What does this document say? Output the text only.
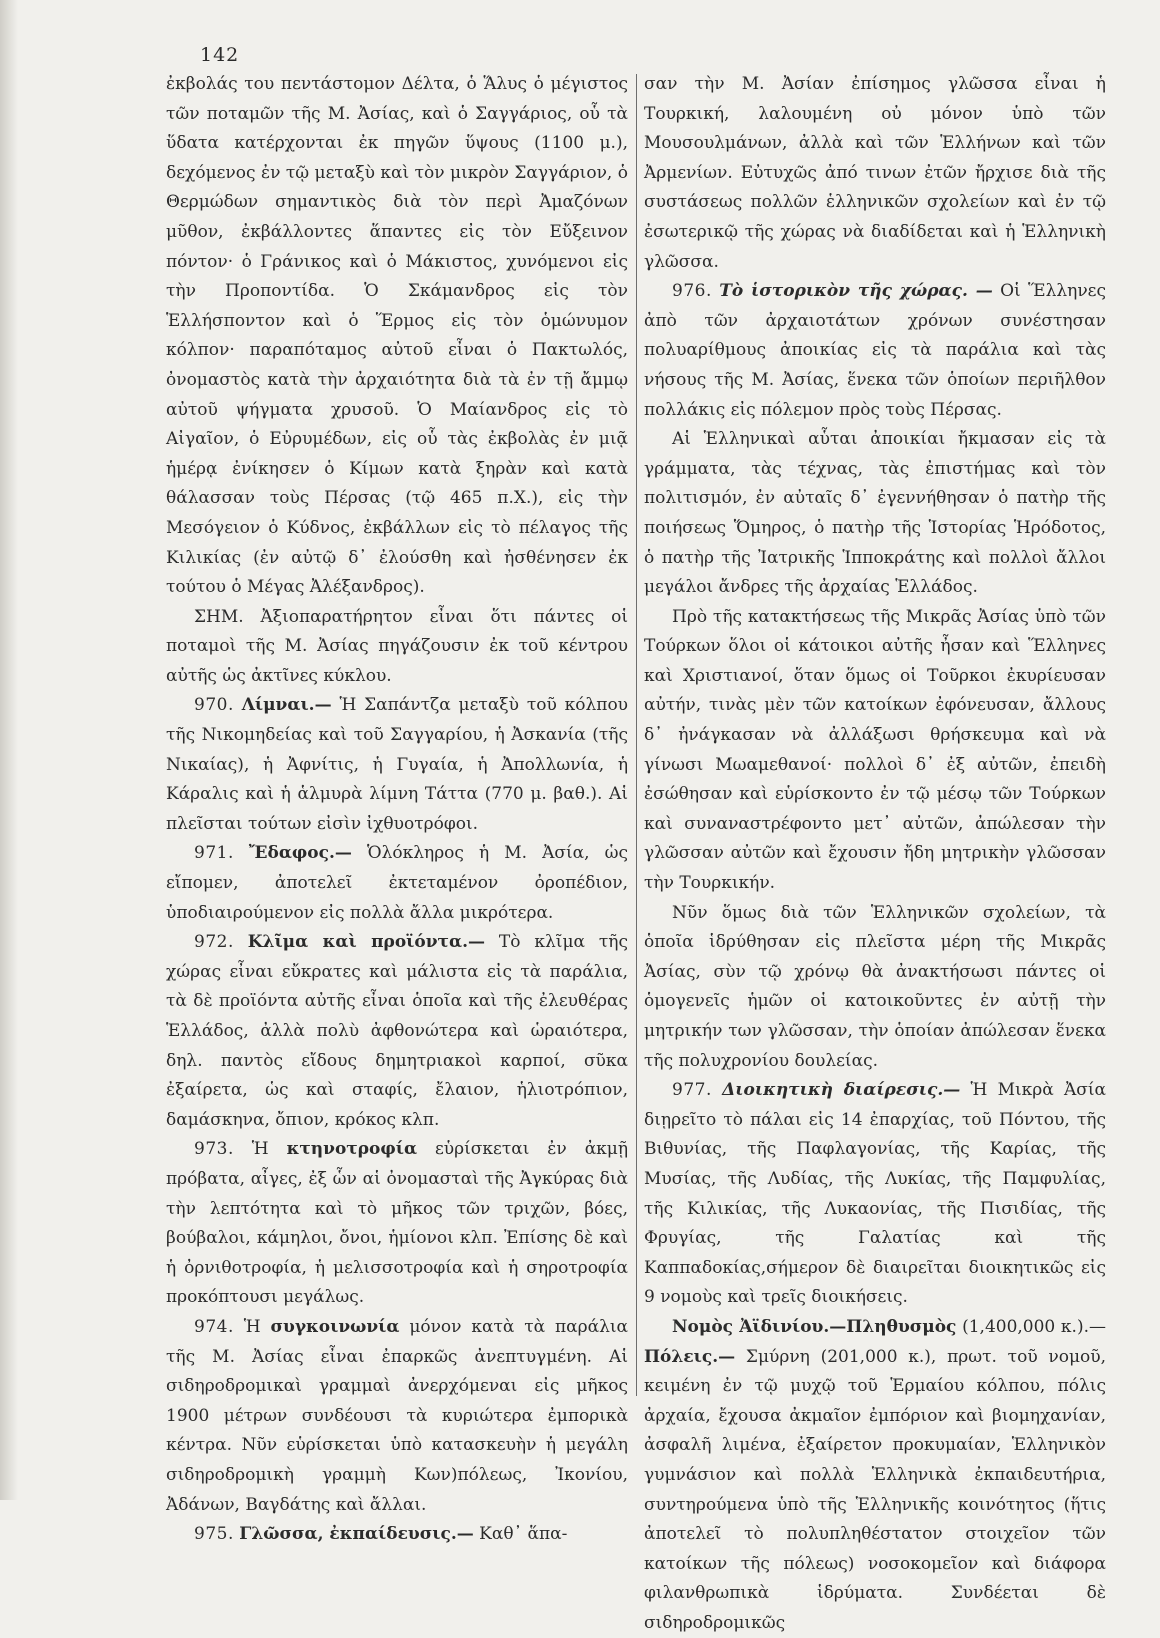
142

ἐκβολάς του πεντάστομον Δέλτα, ὁ Ἅλυς ὁ μέγιστος τῶν ποταμῶν τῆς Μ. Ἀσίας, καὶ ὁ Σαγγάριος, οὗ τὰ ὕδατα κατέρχονται ἐκ πηγῶν ὕψους (1100 μ.), δεχόμενος ἐν τῷ μεταξὺ καὶ τὸν μικρὸν Σαγγάριον, ὁ Θερμώδων σημαντικὸς διὰ τὸν περὶ Ἀμαζόνων μῦθον, ἐκβάλλοντες ἅπαντες εἰς τὸν Εὔξεινον πόντον· ὁ Γράνικος καὶ ὁ Μάκιστος, χυνόμενοι εἰς τὴν Προποντίδα. Ὁ Σκάμανδρος εἰς τὸν Ἑλλήσποντον καὶ ὁ Ἕρμος εἰς τὸν ὁμώνυμον κόλπον· παραπόταμος αὐτοῦ εἶναι ὁ Πακτωλός, ὀνομαστὸς κατὰ τὴν ἀρχαιότητα διὰ τὰ ἐν τῇ ἄμμῳ αὐτοῦ ψήγματα χρυσοῦ. Ὁ Μαίανδρος εἰς τὸ Αἰγαῖον, ὁ Εὐρυμέδων, εἰς οὗ τὰς ἐκβολὰς ἐν μιᾷ ἡμέρᾳ ἐνίκησεν ὁ Κίμων κατὰ ξηρὰν καὶ κατὰ θάλασσαν τοὺς Πέρσας (τῷ 465 π.Χ.), εἰς τὴν Μεσόγειον ὁ Κύδνος, ἐκβάλλων εἰς τὸ πέλαγος τῆς Κιλικίας (ἐν αὐτῷ δ᾽ ἐλούσθη καὶ ἠσθένησεν ἐκ τούτου ὁ Μέγας Ἀλέξανδρος).

ΣΗΜ. Ἀξιοπαρατήρητον εἶναι ὅτι πάντες οἱ ποταμοὶ τῆς Μ. Ἀσίας πηγάζουσιν ἐκ τοῦ κέντρου αὐτῆς ὡς ἀκτῖνες κύκλου.

970. Λίμναι.— Ἡ Σαπάντζα μεταξὺ τοῦ κόλπου τῆς Νικομηδείας καὶ τοῦ Σαγγαρίου, ἡ Ἀσκανία (τῆς Νικαίας), ἡ Ἀφνίτις, ἡ Γυγαία, ἡ Ἀπολλωνία, ἡ Κάραλις καὶ ἡ ἁλμυρὰ λίμνη Τάττα (770 μ. βαθ.). Αἱ πλεῖσται τούτων εἰσὶν ἰχθυοτρόφοι.

971. Ἔδαφος.— Ὁλόκληρος ἡ Μ. Ἀσία, ὡς εἴπομεν, ἀποτελεῖ ἐκτεταμένον ὀροπέδιον, ὑποδιαιρούμενον εἰς πολλὰ ἄλλα μικρότερα.

972. Κλῖμα καὶ προϊόντα.— Τὸ κλῖμα τῆς χώρας εἶναι εὔκρατες καὶ μάλιστα εἰς τὰ παράλια, τὰ δὲ προϊόντα αὐτῆς εἶναι ὁποῖα καὶ τῆς ἐλευθέρας Ἑλλάδος, ἀλλὰ πολὺ ἀφθονώτερα καὶ ὡραιότερα, δηλ. παντὸς εἴδους δημητριακοὶ καρποί, σῦκα ἐξαίρετα, ὡς καὶ σταφίς, ἔλαιον, ἡλιοτρόπιον, δαμάσκηνα, ὄπιον, κρόκος κλπ.

973. Ἡ κτηνοτροφία εὑρίσκεται ἐν ἀκμῇ πρόβατα, αἶγες, ἐξ ὧν αἱ ὀνομασταὶ τῆς Ἀγκύρας διὰ τὴν λεπτότητα καὶ τὸ μῆκος τῶν τριχῶν, βόες, βούβαλοι, κάμηλοι, ὄνοι, ἡμίονοι κλπ. Ἐπίσης δὲ καὶ ἡ ὀρνιθοτροφία, ἡ μελισσοτροφία καὶ ἡ σηροτροφία προκόπτουσι μεγάλως.

974. Ἡ συγκοινωνία μόνον κατὰ τὰ παράλια τῆς Μ. Ἀσίας εἶναι ἐπαρκῶς ἀνεπτυγμένη. Αἱ σιδηροδρομικαὶ γραμμαὶ ἀνερχόμεναι εἰς μῆκος 1900 μέτρων συνδέουσι τὰ κυριώτερα ἐμπορικὰ κέντρα. Νῦν εὑρίσκεται ὑπὸ κατασκευὴν ἡ μεγάλη σιδηροδρομικὴ γραμμὴ Κων)πόλεως, Ἰκονίου, Ἀδάνων, Βαγδάτης καὶ ἄλλαι.

975. Γλῶσσα, ἐκπαίδευσις.— Καθ᾽ ἅπα-

σαν τὴν Μ. Ἀσίαν ἐπίσημος γλῶσσα εἶναι ἡ Τουρκική, λαλουμένη οὐ μόνον ὑπὸ τῶν Μουσουλμάνων, ἀλλὰ καὶ τῶν Ἑλλήνων καὶ τῶν Ἀρμενίων. Εὐτυχῶς ἀπό τινων ἐτῶν ἤρχισε διὰ τῆς συστάσεως πολλῶν ἑλληνικῶν σχολείων καὶ ἐν τῷ ἐσωτερικῷ τῆς χώρας νὰ διαδίδεται καὶ ἡ Ἑλληνικὴ γλῶσσα.

976. Τὸ ἱστορικὸν τῆς χώρας. — Οἱ Ἕλληνες ἀπὸ τῶν ἀρχαιοτάτων χρόνων συνέστησαν πολυαρίθμους ἀποικίας εἰς τὰ παράλια καὶ τὰς νήσους τῆς Μ. Ἀσίας, ἕνεκα τῶν ὁποίων περιῆλθον πολλάκις εἰς πόλεμον πρὸς τοὺς Πέρσας.

Αἱ Ἑλληνικαὶ αὗται ἀποικίαι ἤκμασαν εἰς τὰ γράμματα, τὰς τέχνας, τὰς ἐπιστήμας καὶ τὸν πολιτισμόν, ἐν αὐταῖς δ᾽ ἐγεννήθησαν ὁ πατὴρ τῆς ποιήσεως Ὅμηρος, ὁ πατὴρ τῆς Ἱστορίας Ἡρόδοτος, ὁ πατὴρ τῆς Ἰατρικῆς Ἱπποκράτης καὶ πολλοὶ ἄλλοι μεγάλοι ἄνδρες τῆς ἀρχαίας Ἑλλάδος.

Πρὸ τῆς κατακτήσεως τῆς Μικρᾶς Ἀσίας ὑπὸ τῶν Τούρκων ὅλοι οἱ κάτοικοι αὐτῆς ἦσαν καὶ Ἕλληνες καὶ Χριστιανοί, ὅταν ὅμως οἱ Τοῦρκοι ἐκυρίευσαν αὐτήν, τινὰς μὲν τῶν κατοίκων ἐφόνευσαν, ἄλλους δ᾽ ἠνάγκασαν νὰ ἀλλάξωσι θρήσκευμα καὶ νὰ γίνωσι Μωαμεθανοί· πολλοὶ δ᾽ ἐξ αὐτῶν, ἐπειδὴ ἐσώθησαν καὶ εὑρίσκοντο ἐν τῷ μέσῳ τῶν Τούρκων καὶ συναναστρέφοντο μετ᾽ αὐτῶν, ἀπώλεσαν τὴν γλῶσσαν αὐτῶν καὶ ἔχουσιν ἤδη μητρικὴν γλῶσσαν τὴν Τουρκικήν.

Νῦν ὅμως διὰ τῶν Ἑλληνικῶν σχολείων, τὰ ὁποῖα ἱδρύθησαν εἰς πλεῖστα μέρη τῆς Μικρᾶς Ἀσίας, σὺν τῷ χρόνῳ θὰ ἀνακτήσωσι πάντες οἱ ὁμογενεῖς ἡμῶν οἱ κατοικοῦντες ἐν αὐτῇ τὴν μητρικήν των γλῶσσαν, τὴν ὁποίαν ἀπώλεσαν ἕνεκα τῆς πολυχρονίου δουλείας.

977. Διοικητικὴ διαίρεσις.— Ἡ Μικρὰ Ἀσία διῃρεῖτο τὸ πάλαι εἰς 14 ἐπαρχίας, τοῦ Πόντου, τῆς Βιθυνίας, τῆς Παφλαγονίας, τῆς Καρίας, τῆς Μυσίας, τῆς Λυδίας, τῆς Λυκίας, τῆς Παμφυλίας, τῆς Κιλικίας, τῆς Λυκαονίας, τῆς Πισιδίας, τῆς Φρυγίας, τῆς Γαλατίας καὶ τῆς Καππαδοκίας,σήμερον δὲ διαιρεῖται διοικητικῶς εἰς 9 νομοὺς καὶ τρεῖς διοικήσεις.

Νομὸς Ἀϊδινίου.—Πληθυσμὸς (1,400,000 κ.).— Πόλεις.— Σμύρνη (201,000 κ.), πρωτ. τοῦ νομοῦ, κειμένη ἐν τῷ μυχῷ τοῦ Ἑρμαίου κόλπου, πόλις ἀρχαία, ἔχουσα ἀκμαῖον ἐμπόριον καὶ βιομηχανίαν, ἀσφαλῆ λιμένα, ἐξαίρετον προκυμαίαν, Ἑλληνικὸν γυμνάσιον καὶ πολλὰ Ἑλληνικὰ ἐκπαιδευτήρια, συντηρούμενα ὑπὸ τῆς Ἑλληνικῆς κοινότητος (ἥτις ἀποτελεῖ τὸ πολυπληθέστατον στοιχεῖον τῶν κατοίκων τῆς πόλεως) νοσοκομεῖον καὶ διάφορα φιλανθρωπικὰ ἱδρύματα. Συνδέεται δὲ σιδηροδρομικῶς
